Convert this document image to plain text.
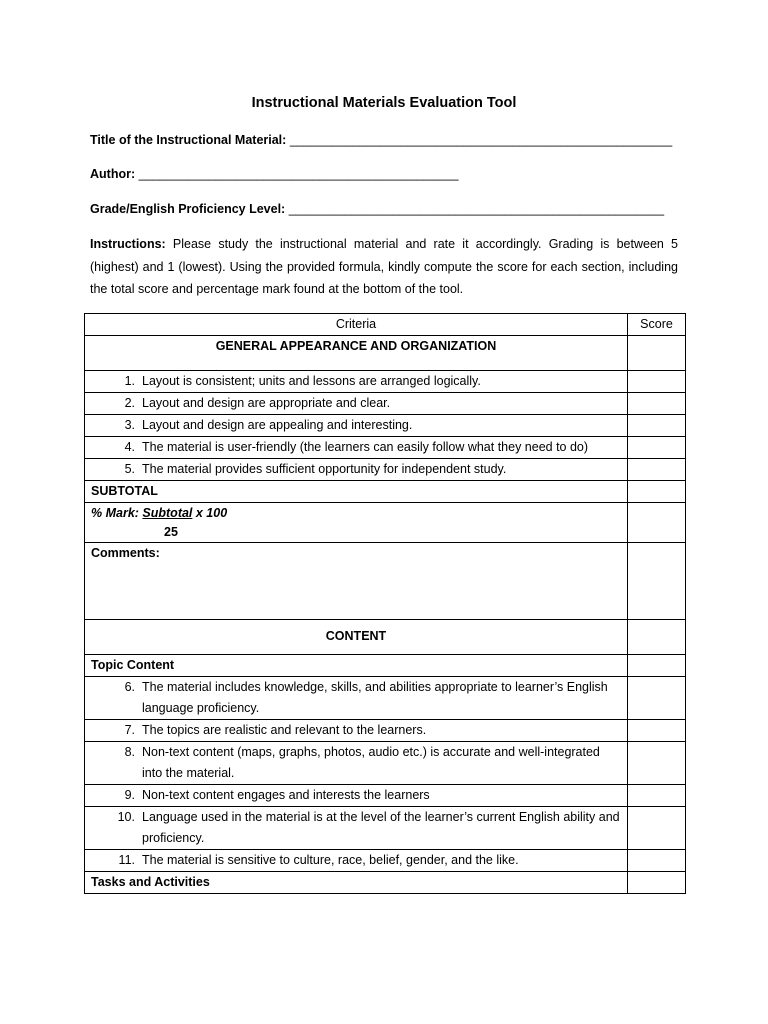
Instructional Materials Evaluation Tool
Title of the Instructional Material: _______________________________________________________
Author: ______________________________________________
Grade/English Proficiency Level: ______________________________________________________
Instructions: Please study the instructional material and rate it accordingly. Grading is between 5 (highest) and 1 (lowest). Using the provided formula, kindly compute the score for each section, including the total score and percentage mark found at the bottom of the tool.
Criteria	Score
GENERAL APPEARANCE AND ORGANIZATION	

1. Layout is consistent; units and lessons are arranged logically.	

2. Layout and design are appropriate and clear.	

3. Layout and design are appealing and interesting.	

4. The material is user-friendly (the learners can easily follow what they need to do)	

5. The material provides sufficient opportunity for independent study.	

SUBTOTAL	

% Mark: Subtotal x 100
25	

Comments:	
CONTENT	
Topic Content	

6. The material includes knowledge, skills, and abilities appropriate to learner’s English language proficiency.	

7. The topics are realistic and relevant to the learners.	

8. Non-text content (maps, graphs, photos, audio etc.) is accurate and well-integrated into the material.	

9. Non-text content engages and interests the learners	

10. Language used in the material is at the level of the learner’s current English ability and proficiency.	

11. The material is sensitive to culture, race, belief, gender, and the like.	

Tasks and Activities	
